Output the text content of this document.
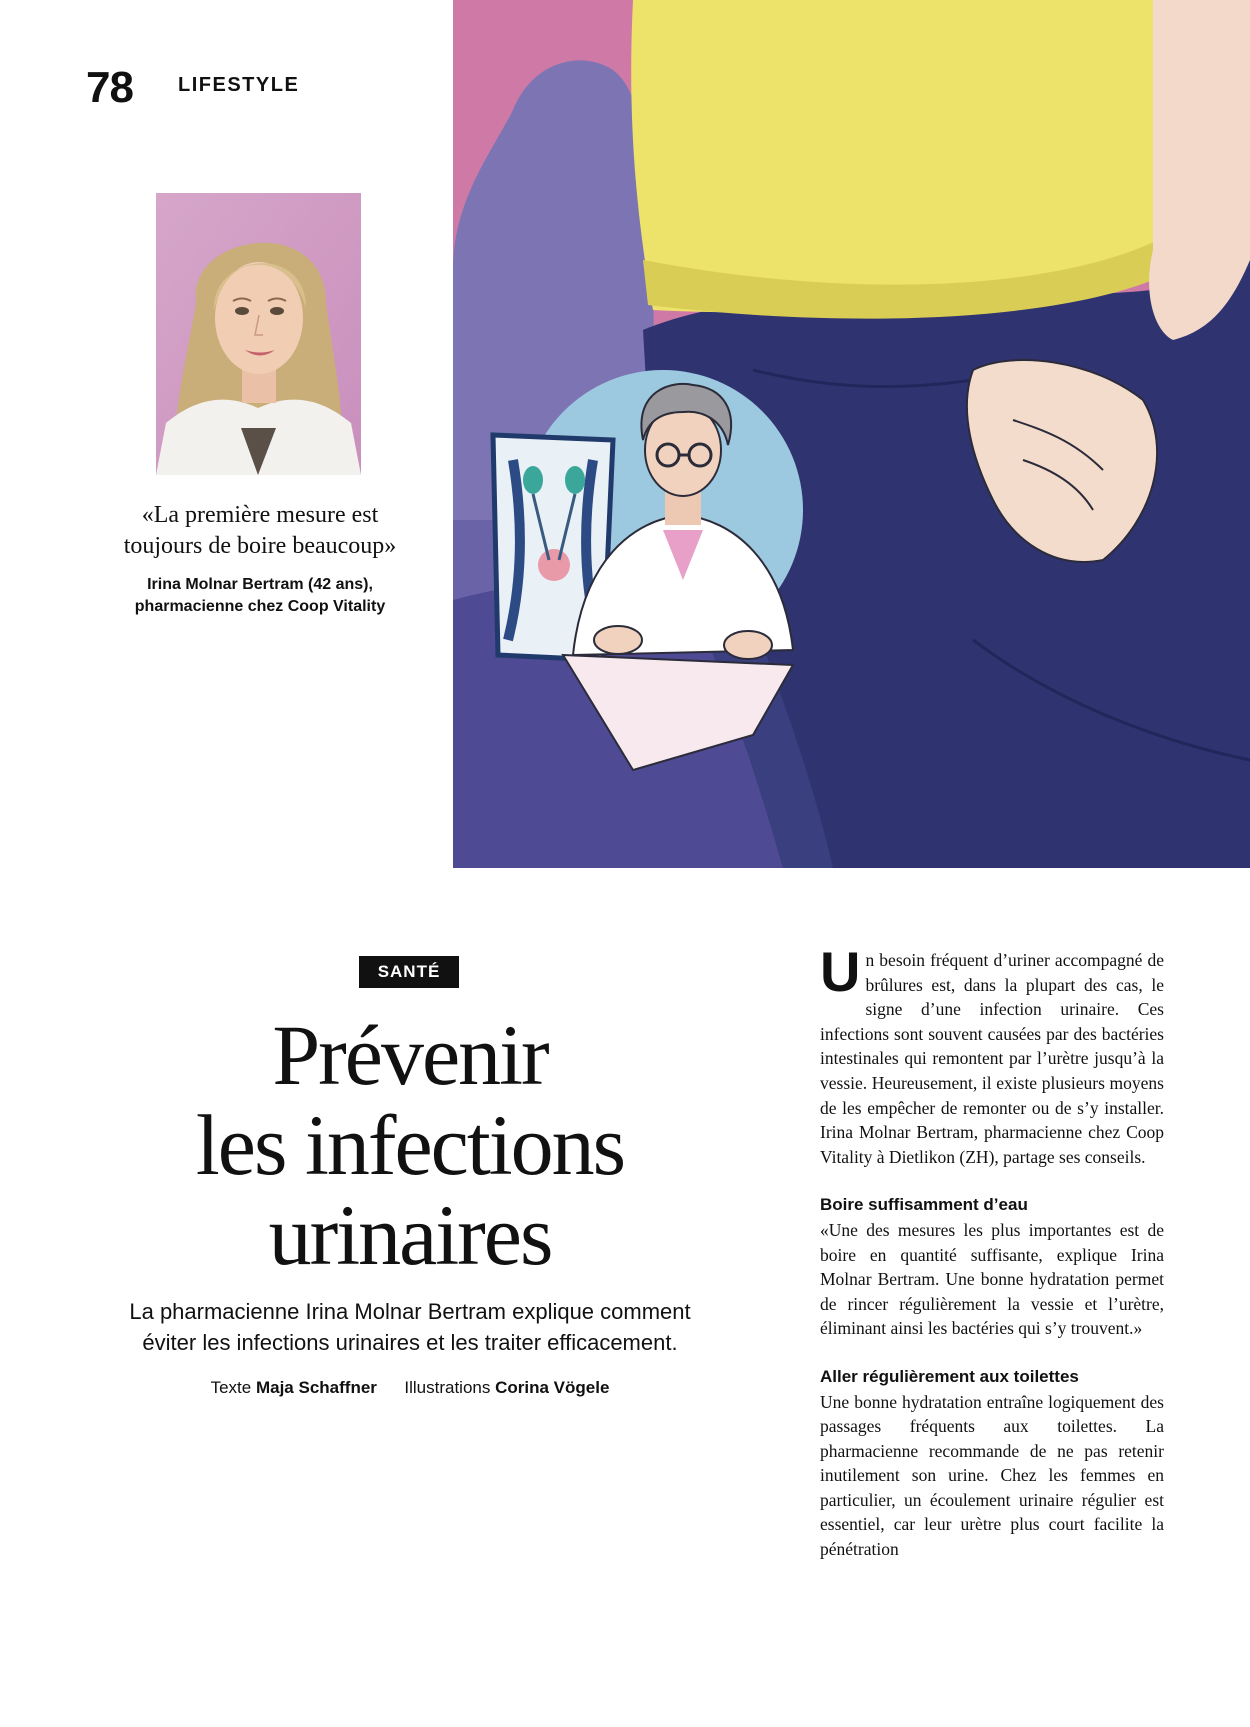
78 LIFESTYLE
«La première mesure est toujours de boire beaucoup»
Irina Molnar Bertram (42 ans),
pharmacienne chez Coop Vitality
SANTÉ
Prévenir
les infections
urinaires
La pharmacienne Irina Molnar Bertram explique comment éviter les infections urinaires et les traiter efficacement.
Texte Maja Schaffner Illustrations Corina Vögele

Un besoin fréquent d’uriner accompagné de brûlures est, dans la plupart des cas, le signe d’une infection urinaire. Ces infections sont souvent causées par des bactéries intestinales qui remontent par l’urètre jusqu’à la vessie. Heureusement, il existe plusieurs moyens de les empêcher de remonter ou de s’y installer. Irina Molnar Bertram, pharmacienne chez Coop Vitality à Dietlikon (ZH), partage ses conseils.

Boire suffisamment d’eau

«Une des mesures les plus importantes est de boire en quantité suffisante, explique Irina Molnar Bertram. Une bonne hydratation permet de rincer régulièrement la vessie et l’urètre, éliminant ainsi les bactéries qui s’y trouvent.»

Aller régulièrement aux toilettes

Une bonne hydratation entraîne logiquement des passages fréquents aux toilettes. La pharmacienne recommande de ne pas retenir inutilement son urine. Chez les femmes en particulier, un écoulement urinaire régulier est essentiel, car leur urètre plus court facilite la pénétration
